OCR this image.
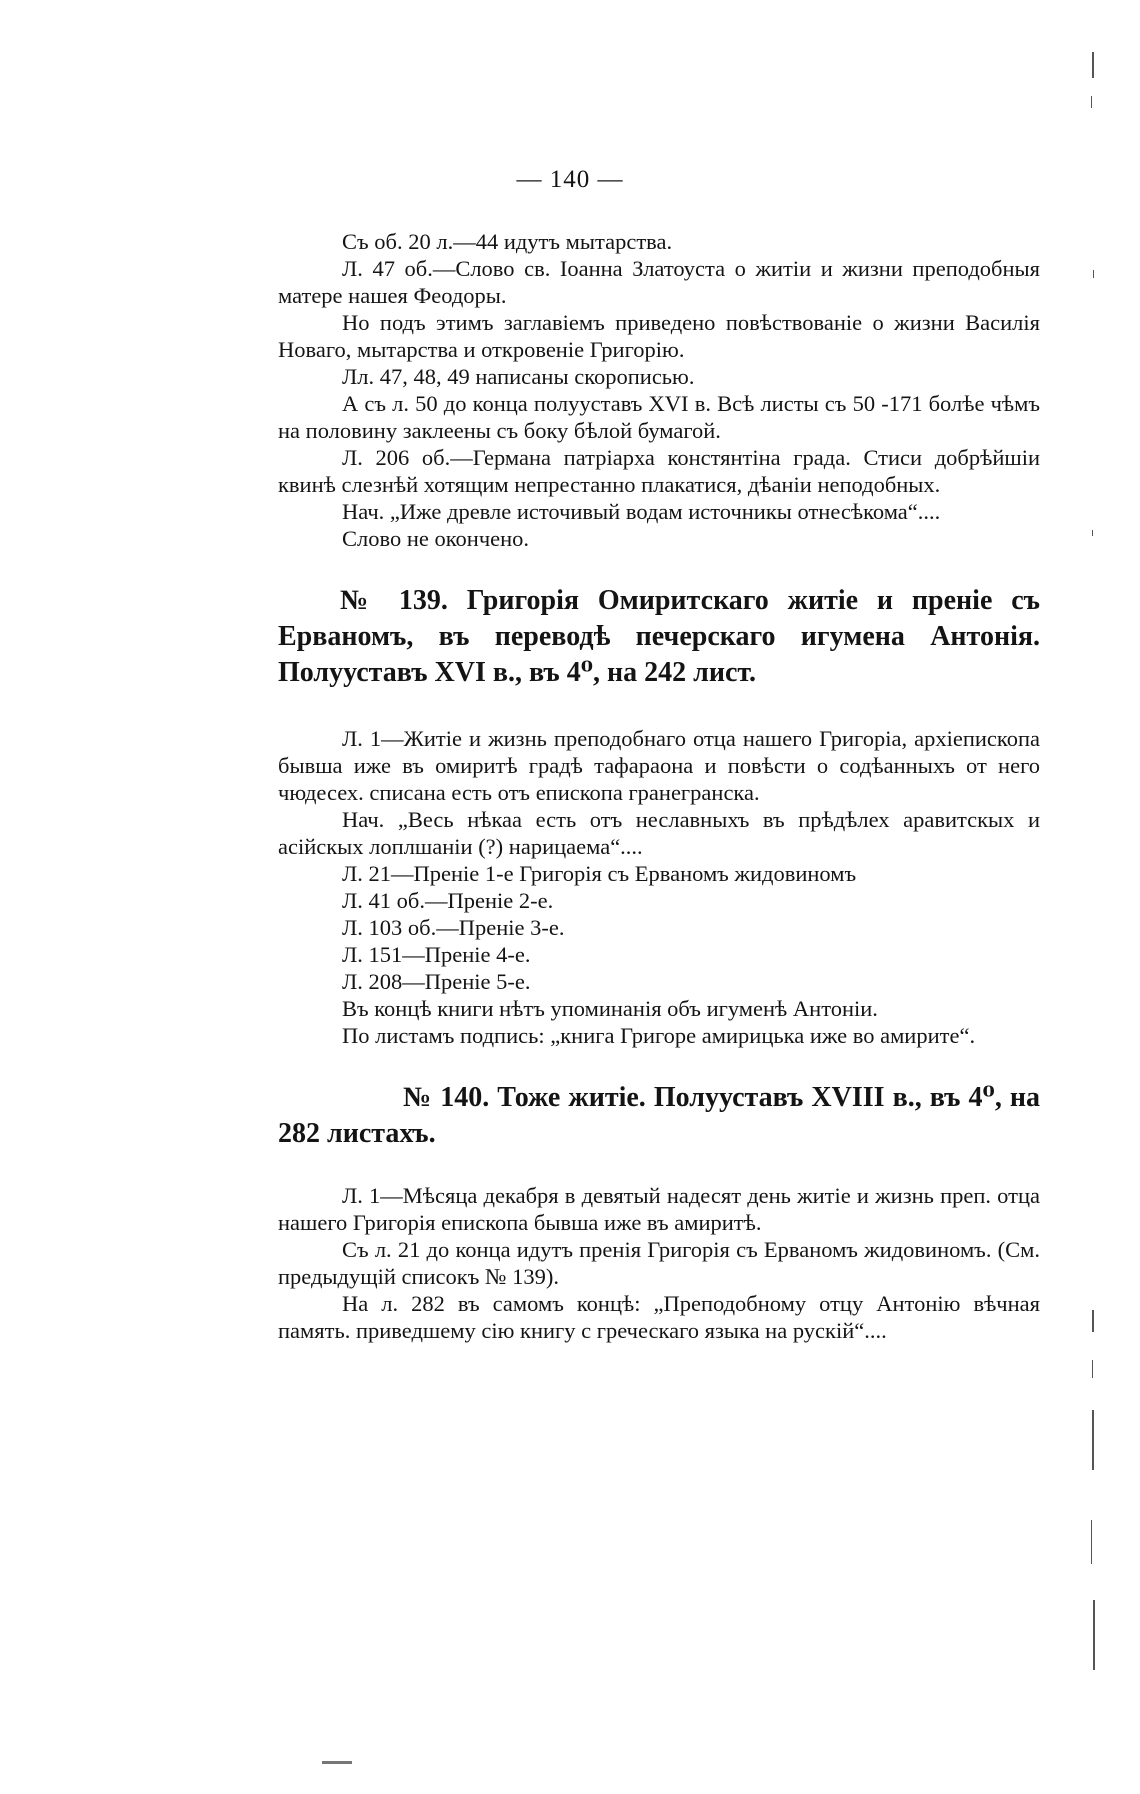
— 140 —

Съ об. 20 л.—44 идутъ мытарства.

Л. 47 об.—Слово св. Іоанна Златоуста о житіи и жизни преподобныя матере нашея Феодоры.

Но подъ этимъ заглавіемъ приведено повѣствованіе о жизни Василія Новаго, мытарства и откровеніе Григорію.

Лл. 47, 48, 49 написаны скорописью.

А съ л. 50 до конца полууставъ XVI в. Всѣ листы съ 50 -171 болѣе чѣмъ на половину заклеены съ боку бѣлой бумагой.

Л. 206 об.—Германа патріарха констянтіна града. Стиси добрѣйшіи квинѣ слезнѣй хотящим непрестанно плакатися, дѣаніи неподобных.

Нач. „Иже древле источивый водам источникы отнесѣкома“....

Слово не окончено.

№ 139. Григорія Омиритскаго житіе и преніе съ Ерваномъ, въ переводѣ печерскаго игумена Антонія. Полууставъ XVI в., въ 4⁰, на 242 лист.

Л. 1—Житіе и жизнь преподобнаго отца нашего Григоріа, архіепископа бывша иже въ омиритѣ градѣ тафараона и повѣсти о содѣанныхъ от него чюдесех. списана есть отъ епископа гранегранска.

Нач. „Весь нѣкаа есть отъ неславныхъ въ прѣдѣлех аравитскых и асійскых лоплшаніи (?) нарицаема“....

Л. 21—Преніе 1-е Григорія съ Ерваномъ жидовиномъ

Л. 41 об.—Преніе 2-е.

Л. 103 об.—Преніе 3-е.

Л. 151—Преніе 4-е.

Л. 208—Преніе 5-е.

Въ концѣ книги нѣтъ упоминанія объ игуменѣ Антоніи.

По листамъ подпись: „книга Григоре амирицька иже во амирите“.

№ 140. Тоже житіе. Полууставъ XVIII в., въ 4⁰, на 282 листахъ.

Л. 1—Мѣсяца декабря в девятый надесят день житіе и жизнь преп. отца нашего Григорія епископа бывша иже въ амиритѣ.

Съ л. 21 до конца идутъ пренія Григорія съ Ерваномъ жидовиномъ. (См. предыдущій списокъ № 139).

На л. 282 въ самомъ концѣ: „Преподобному отцу Антонію вѣчная память. приведшему сію книгу с греческаго языка на рускій“....
